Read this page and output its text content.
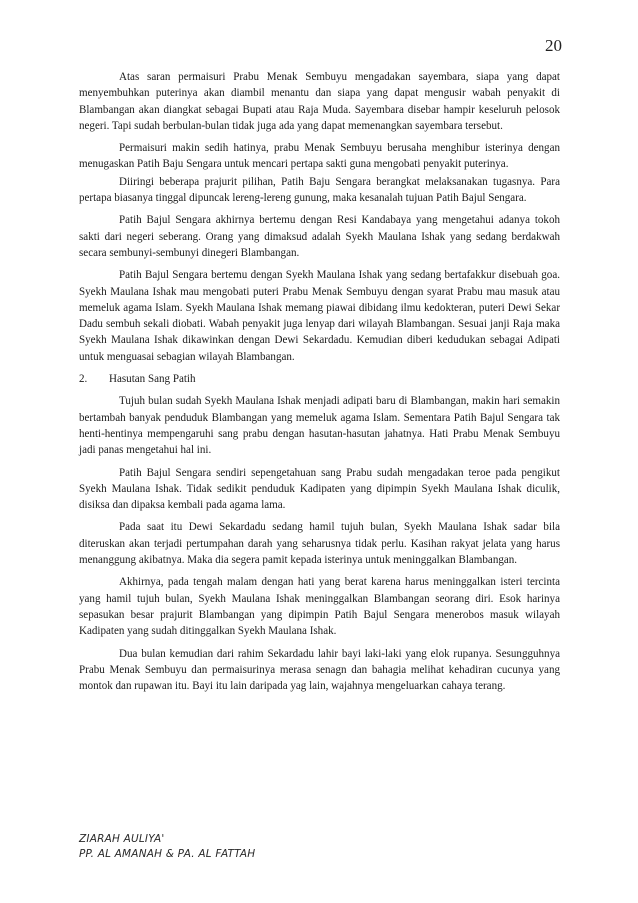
20

Atas saran permaisuri Prabu Menak Sembuyu mengadakan sayembara, siapa yang dapat menyembuhkan puterinya akan diambil menantu dan siapa yang dapat mengusir wabah penyakit di Blambangan akan diangkat sebagai Bupati atau Raja Muda. Sayembara disebar hampir keseluruh pelosok negeri. Tapi sudah berbulan-bulan tidak juga ada yang dapat memenangkan sayembara tersebut.

Permaisuri makin sedih hatinya, prabu Menak Sembuyu berusaha menghibur isterinya dengan menugaskan Patih Baju Sengara untuk mencari pertapa sakti guna mengobati penyakit puterinya.

Diiringi beberapa prajurit pilihan, Patih Baju Sengara berangkat melaksanakan tugasnya. Para pertapa biasanya tinggal dipuncak lereng-lereng gunung, maka kesanalah tujuan Patih Bajul Sengara.

Patih Bajul Sengara akhirnya bertemu dengan Resi Kandabaya yang mengetahui adanya tokoh sakti dari negeri seberang. Orang yang dimaksud adalah Syekh Maulana Ishak yang sedang berdakwah secara sembunyi-sembunyi dinegeri Blambangan.

Patih Bajul Sengara bertemu dengan Syekh Maulana Ishak yang sedang bertafakkur disebuah goa. Syekh Maulana Ishak mau mengobati puteri Prabu Menak Sembuyu dengan syarat Prabu mau masuk atau memeluk agama Islam. Syekh Maulana Ishak memang piawai dibidang ilmu kedokteran, puteri Dewi Sekar Dadu sembuh sekali diobati. Wabah penyakit juga lenyap dari wilayah Blambangan. Sesuai janji Raja maka Syekh Maulana Ishak dikawinkan dengan Dewi Sekardadu. Kemudian diberi kedudukan sebagai Adipati untuk menguasai sebagian wilayah Blambangan.

2.	Hasutan Sang Patih

Tujuh bulan sudah Syekh Maulana Ishak menjadi adipati baru di Blambangan, makin hari semakin bertambah banyak penduduk Blambangan yang memeluk agama Islam. Sementara Patih Bajul Sengara tak henti-hentinya mempengaruhi sang prabu dengan hasutan-hasutan jahatnya. Hati Prabu Menak Sembuyu jadi panas mengetahui hal ini.

Patih Bajul Sengara sendiri sepengetahuan sang Prabu sudah mengadakan teroe pada pengikut Syekh Maulana Ishak. Tidak sedikit penduduk Kadipaten yang dipimpin Syekh Maulana Ishak diculik, disiksa dan dipaksa kembali pada agama lama.

Pada saat itu Dewi Sekardadu sedang hamil tujuh bulan, Syekh Maulana Ishak sadar bila diteruskan akan terjadi pertumpahan darah yang seharusnya tidak perlu. Kasihan rakyat jelata yang harus menanggung akibatnya. Maka dia segera pamit kepada isterinya untuk meninggalkan Blambangan.

Akhirnya, pada tengah malam dengan hati yang berat karena harus meninggalkan isteri tercinta yang hamil tujuh bulan, Syekh Maulana Ishak meninggalkan Blambangan seorang diri. Esok harinya sepasukan besar prajurit Blambangan yang dipimpin Patih Bajul Sengara menerobos masuk wilayah Kadipaten yang sudah ditinggalkan Syekh Maulana Ishak.

Dua bulan kemudian dari rahim Sekardadu lahir bayi laki-laki yang elok rupanya. Sesungguhnya Prabu Menak Sembuyu dan permaisurinya merasa senagn dan bahagia melihat kehadiran cucunya yang montok dan rupawan itu. Bayi itu lain daripada yag lain, wajahnya mengeluarkan cahaya terang.

ZIARAH AULIYA'
PP. AL AMANAH & PA. AL FATTAH
